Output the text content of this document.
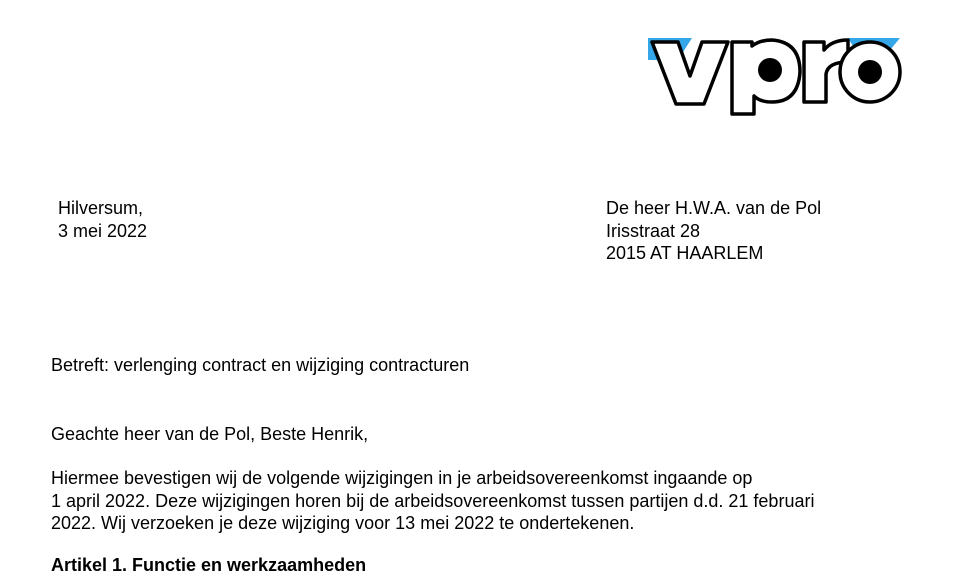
Hilversum,
3 mei 2022
De heer H.W.A. van de Pol
Irisstraat 28
2015 AT HAARLEM
Betreft: verlenging contract en wijziging contracturen
Geachte heer van de Pol, Beste Henrik,
Hiermee bevestigen wij de volgende wijzigingen in je arbeidsovereenkomst ingaande op
1 april 2022. Deze wijzigingen horen bij de arbeidsovereenkomst tussen partijen d.d. 21 februari
2022. Wij verzoeken je deze wijziging voor 13 mei 2022 te ondertekenen.
Artikel 1. Functie en werkzaamheden
